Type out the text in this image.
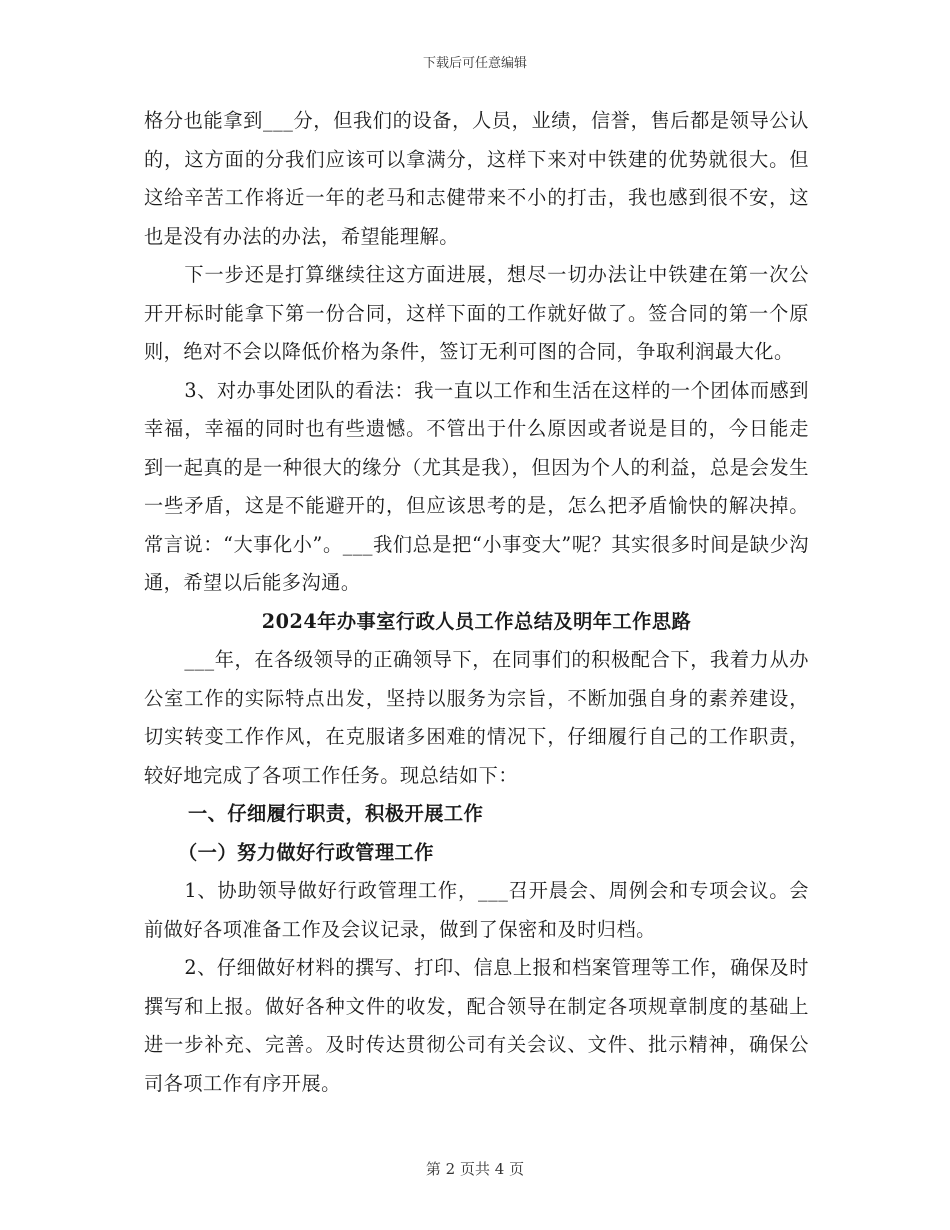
下载后可任意编辑

格分也能拿到___分，但我们的设备，人员，业绩，信誉，售后都是领导公认的，这方面的分我们应该可以拿满分，这样下来对中铁建的优势就很大。但这给辛苦工作将近一年的老马和志健带来不小的打击，我也感到很不安，这也是没有办法的办法，希望能理解。

下一步还是打算继续往这方面进展，想尽一切办法让中铁建在第一次公开开标时能拿下第一份合同，这样下面的工作就好做了。签合同的第一个原则，绝对不会以降低价格为条件，签订无利可图的合同，争取利润最大化。

3、对办事处团队的看法：我一直以工作和生活在这样的一个团体而感到幸福，幸福的同时也有些遗憾。不管出于什么原因或者说是目的，今日能走到一起真的是一种很大的缘分（尤其是我），但因为个人的利益，总是会发生一些矛盾，这是不能避开的，但应该思考的是，怎么把矛盾愉快的解决掉。常言说：“大事化小”。___我们总是把“小事变大”呢？其实很多时间是缺少沟通，希望以后能多沟通。

2024年办事室行政人员工作总结及明年工作思路

___年，在各级领导的正确领导下，在同事们的积极配合下，我着力从办公室工作的实际特点出发，坚持以服务为宗旨，不断加强自身的素养建设，切实转变工作作风，在克服诸多困难的情况下，仔细履行自己的工作职责，较好地完成了各项工作任务。现总结如下：

一、仔细履行职责，积极开展工作

（一）努力做好行政管理工作

1、协助领导做好行政管理工作，___召开晨会、周例会和专项会议。会前做好各项准备工作及会议记录，做到了保密和及时归档。

2、仔细做好材料的撰写、打印、信息上报和档案管理等工作，确保及时撰写和上报。做好各种文件的收发，配合领导在制定各项规章制度的基础上进一步补充、完善。及时传达贯彻公司有关会议、文件、批示精神，确保公司各项工作有序开展。

第 2 页共 4 页
